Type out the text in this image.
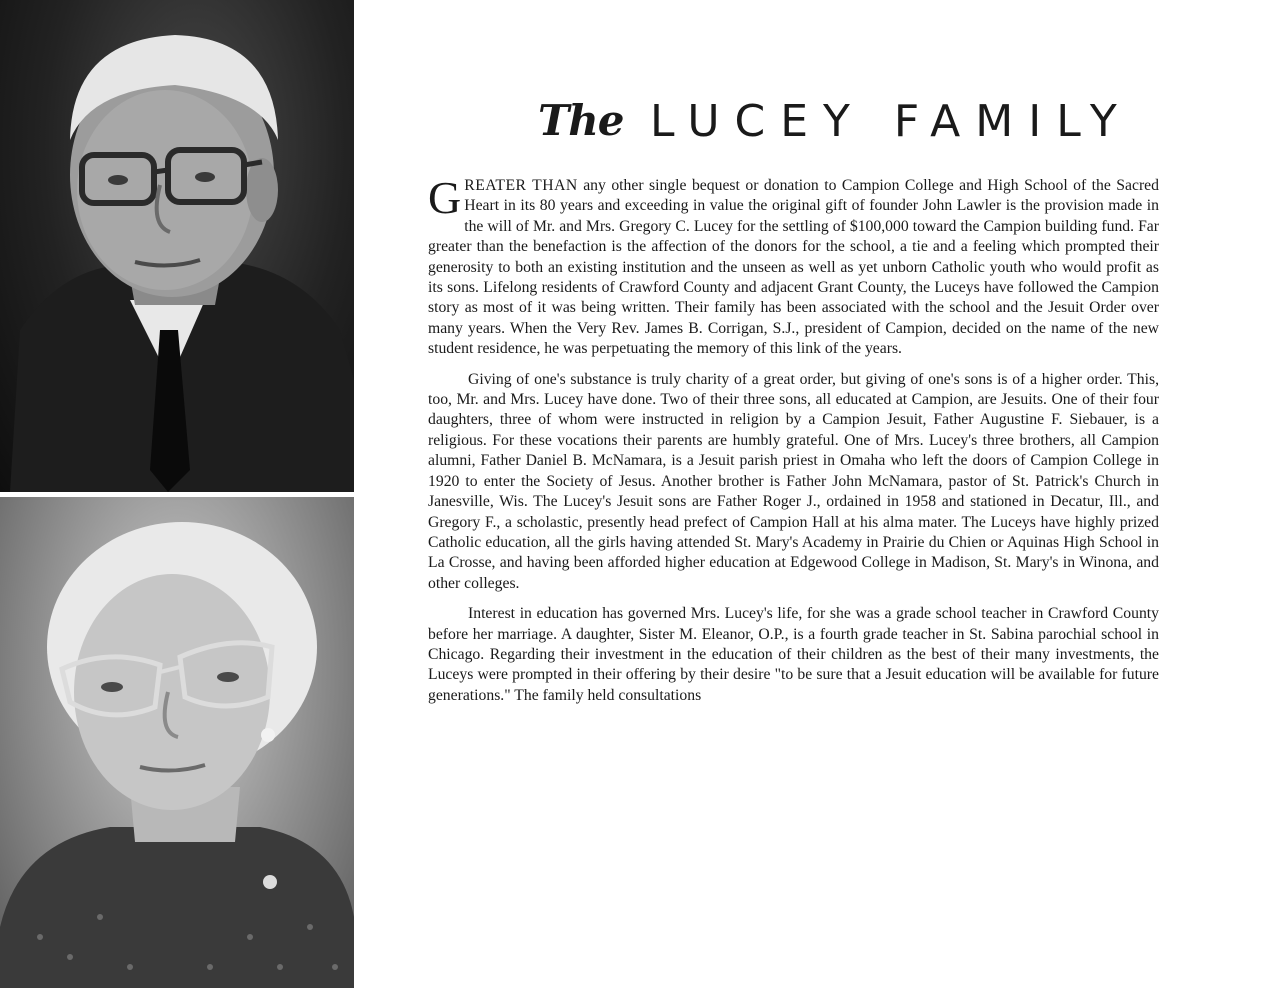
The LUCEY FAMILY

GREATER THAN any other single bequest or donation to Campion College and High School of the Sacred Heart in its 80 years and exceeding in value the original gift of founder John Lawler is the provision made in the will of Mr. and Mrs. Gregory C. Lucey for the settling of $100,000 toward the Campion building fund. Far greater than the benefaction is the affection of the donors for the school, a tie and a feeling which prompted their generosity to both an existing institution and the unseen as well as yet unborn Catholic youth who would profit as its sons. Lifelong residents of Crawford County and adjacent Grant County, the Luceys have followed the Campion story as most of it was being written. Their family has been associated with the school and the Jesuit Order over many years. When the Very Rev. James B. Corrigan, S.J., president of Campion, decided on the name of the new student residence, he was perpetuating the memory of this link of the years.

Giving of one's substance is truly charity of a great order, but giving of one's sons is of a higher order. This, too, Mr. and Mrs. Lucey have done. Two of their three sons, all educated at Campion, are Jesuits. One of their four daughters, three of whom were instructed in religion by a Campion Jesuit, Father Augustine F. Siebauer, is a religious. For these vocations their parents are humbly grateful. One of Mrs. Lucey's three brothers, all Campion alumni, Father Daniel B. McNamara, is a Jesuit parish priest in Omaha who left the doors of Campion College in 1920 to enter the Society of Jesus. Another brother is Father John McNamara, pastor of St. Patrick's Church in Janesville, Wis. The Lucey's Jesuit sons are Father Roger J., ordained in 1958 and stationed in Decatur, Ill., and Gregory F., a scholastic, presently head prefect of Campion Hall at his alma mater. The Luceys have highly prized Catholic education, all the girls having attended St. Mary's Academy in Prairie du Chien or Aquinas High School in La Crosse, and having been afforded higher education at Edgewood College in Madison, St. Mary's in Winona, and other colleges.

Interest in education has governed Mrs. Lucey's life, for she was a grade school teacher in Crawford County before her marriage. A daughter, Sister M. Eleanor, O.P., is a fourth grade teacher in St. Sabina parochial school in Chicago. Regarding their investment in the education of their children as the best of their many investments, the Luceys were prompted in their offering by their desire "to be sure that a Jesuit education will be available for future generations." The family held consultations
